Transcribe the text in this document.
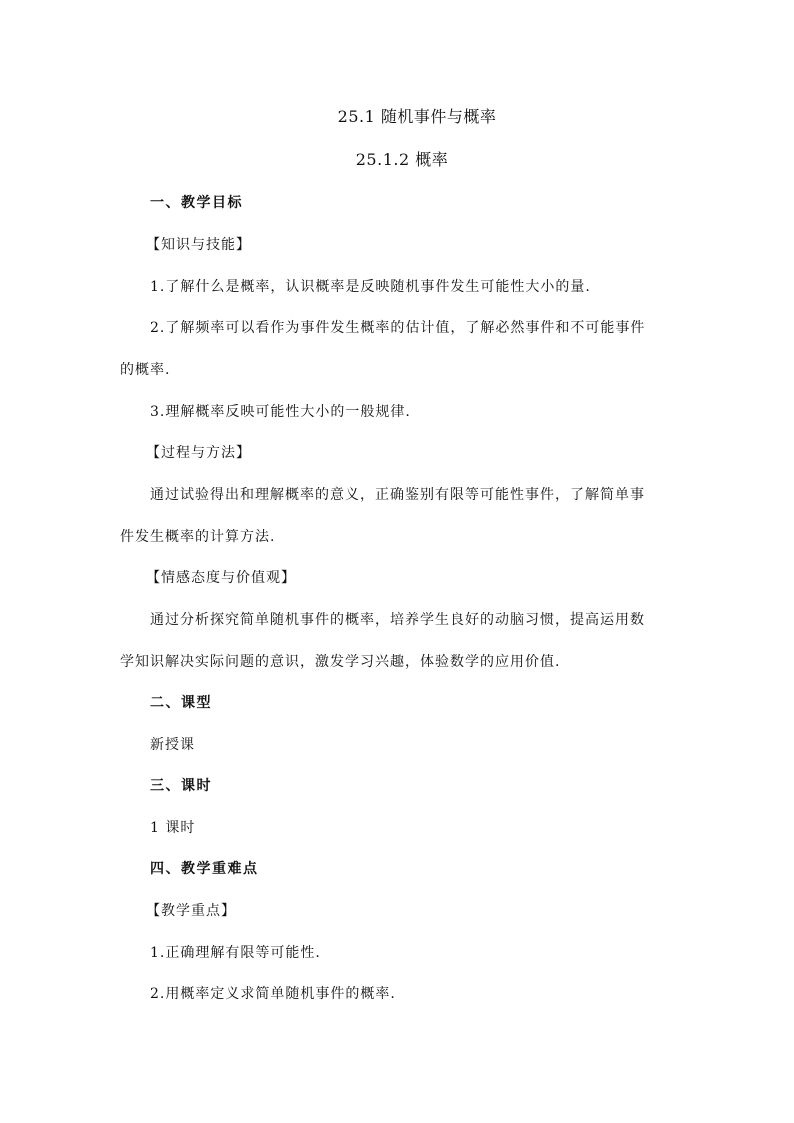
25.1 随机事件与概率
25.1.2 概率

一、教学目标

【知识与技能】

1.了解什么是概率，认识概率是反映随机事件发生可能性大小的量.

2.了解频率可以看作为事件发生概率的估计值，了解必然事件和不可能事件

的概率.

3.理解概率反映可能性大小的一般规律.

【过程与方法】

通过试验得出和理解概率的意义，正确鉴别有限等可能性事件，了解简单事

件发生概率的计算方法.

【情感态度与价值观】

通过分析探究简单随机事件的概率，培养学生良好的动脑习惯，提高运用数

学知识解决实际问题的意识，激发学习兴趣，体验数学的应用价值.

二、课型

新授课

三、课时

1 课时

四、教学重难点

【教学重点】

1.正确理解有限等可能性.

2.用概率定义求简单随机事件的概率.
